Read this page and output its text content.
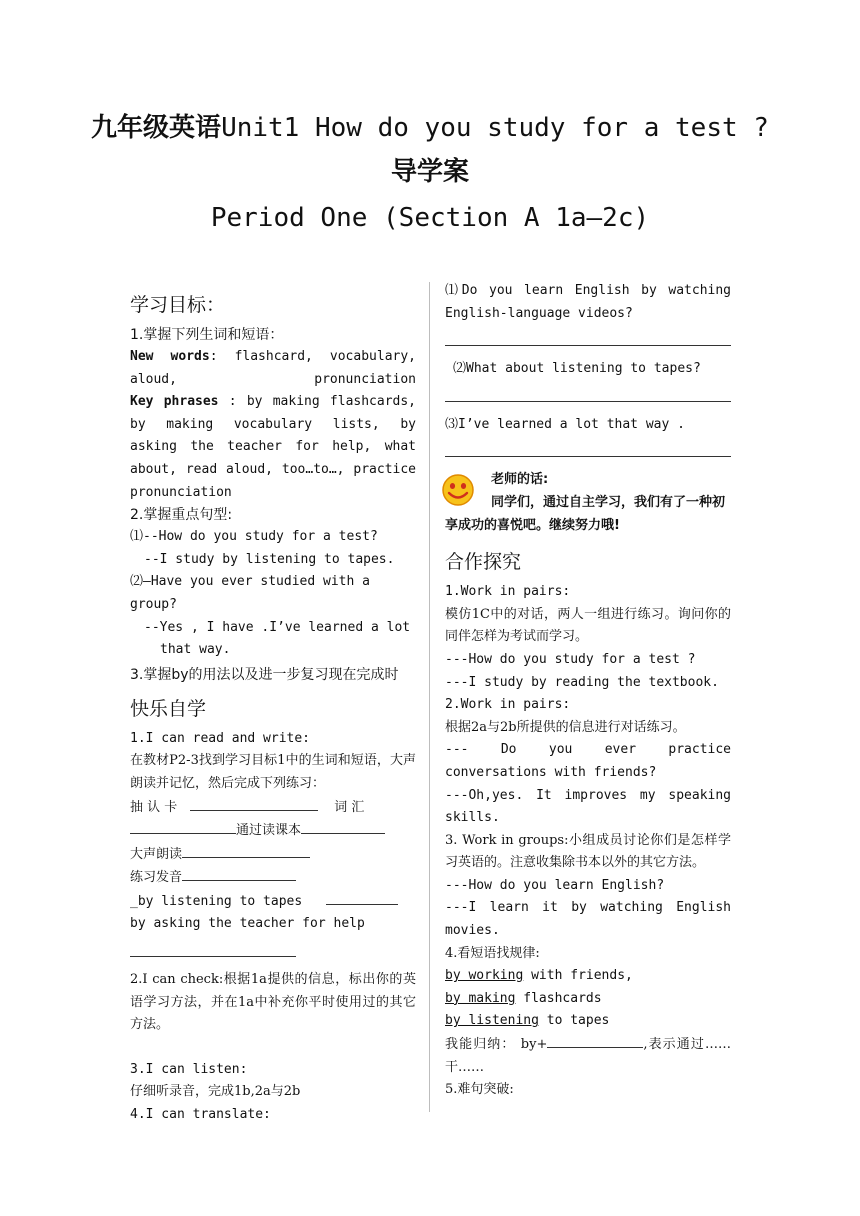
九年级英语Unit1 How do you study for a test ?
导学案
Period One (Section A 1a—2c)
学习目标：
1.掌握下列生词和短语：

New words: flashcard, vocabulary, aloud, pronunciation

Key phrases : by making flashcards, by making vocabulary lists, by asking the teacher for help, what about, read aloud, too…to…, practice pronunciation

2.掌握重点句型:

⑴--How do you study for a test?

--I study by listening to tapes.

⑵—Have you ever studied with a group?

--Yes , I have .I’ve learned a lot

that way.

3.掌握by的用法以及进一步复习现在完成时
快乐自学

1.I can read and write:

在教材P2-3找到学习目标1中的生词和短语，大声朗读并记忆，然后完成下列练习：

抽 认 卡	词 汇

通过读课本

大声朗读

练习发音

_by listening to tapes

by asking the teacher for help

2.I can check:根据1a提供的信息，标出你的英语学习方法，并在1a中补充你平时使用过的其它方法。

3.I can listen:

仔细听录音，完成1b,2a与2b

4.I can translate:

⑴Do you learn English by watching English-language videos?

⑵What about listening to tapes?

⑶I’ve learned a lot that way .

老师的话:
同学们，通过自主学习，我们有了一种初享成功的喜悦吧。继续努力哦!
合作探究

1.Work in pairs:

模仿1C中的对话，两人一组进行练习。询问你的同伴怎样为考试而学习。

---How do you study for a test ?

---I study by reading the textbook.

2.Work in pairs:

根据2a与2b所提供的信息进行对话练习。

--- Do you ever practice conversations with friends?

---Oh,yes. It improves my speaking skills.

3. Work in groups:小组成员讨论你们是怎样学习英语的。注意收集除书本以外的其它方法。

---How do you learn English?

---I learn it by watching English movies.

4.看短语找规律:

by working with friends,

by making flashcards

by listening to tapes

我能归纳： by+	,表示通过……干……

5.难句突破:
